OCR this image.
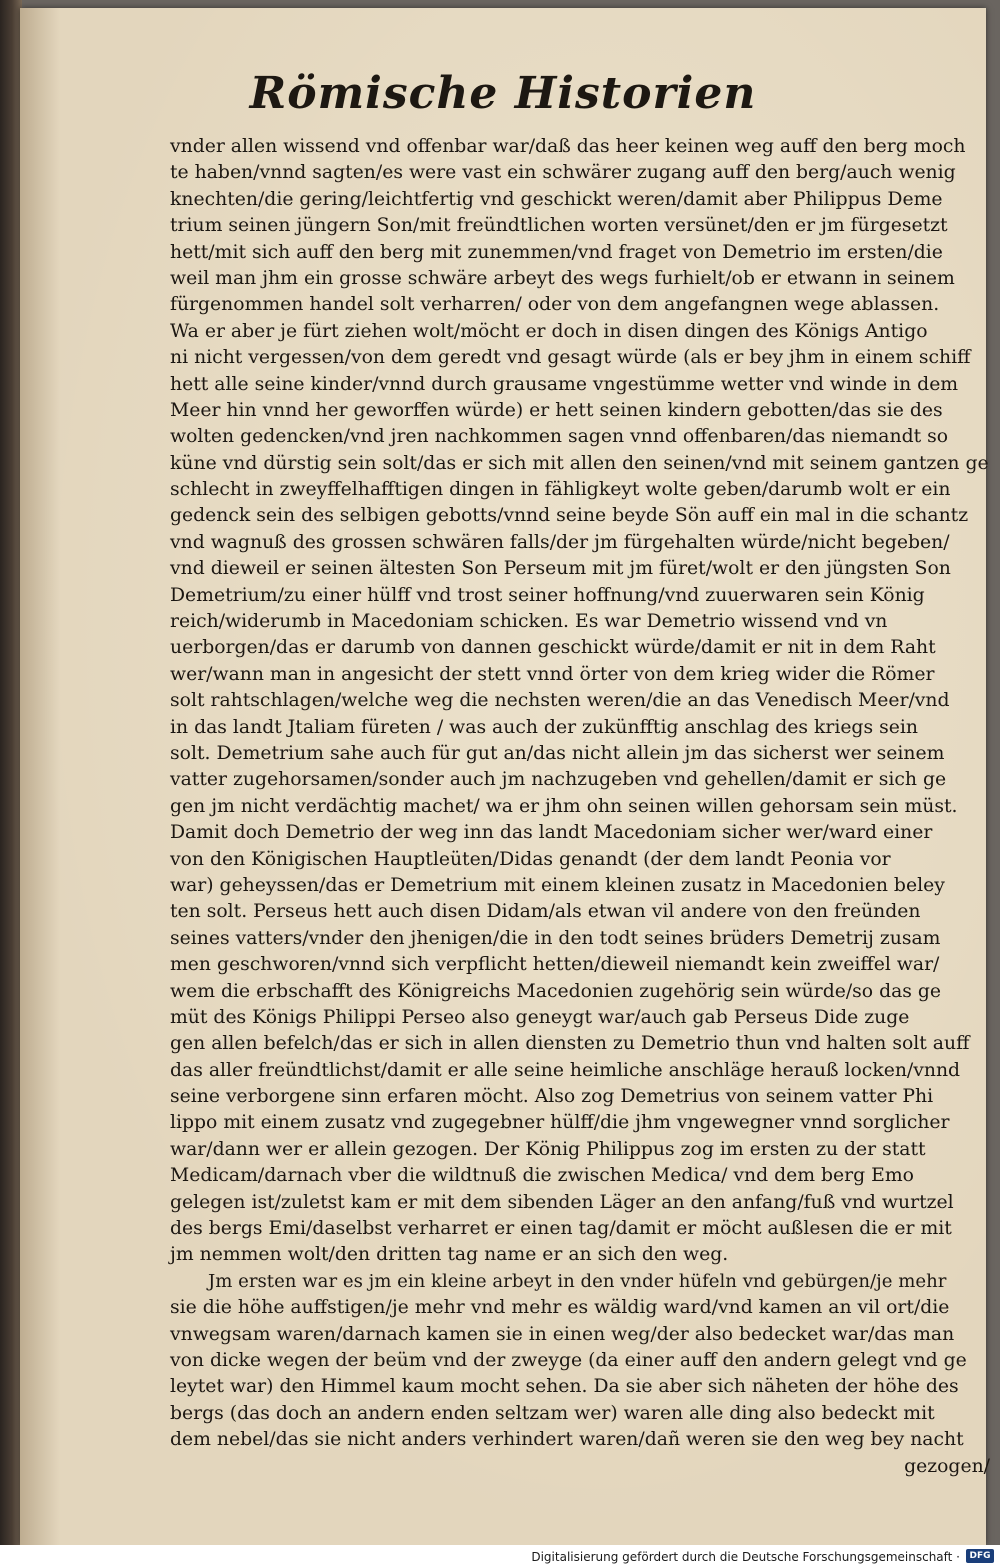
Römische Historien
vnder allen wissend vnd offenbar war/daß das heer keinen weg auff den berg moch
te haben/vnnd sagten/es were vast ein schwärer zugang auff den berg/auch wenig
knechten/die gering/leichtfertig vnd geschickt weren/damit aber Philippus Deme
trium seinen jüngern Son/mit freündtlichen worten versünet/den er jm fürgesetzt
hett/mit sich auff den berg mit zunemmen/vnd fraget von Demetrio im ersten/die
weil man jhm ein grosse schwäre arbeyt des wegs furhielt/ob er etwann in seinem
fürgenommen handel solt verharren/ oder von dem angefangnen wege ablassen.
Wa er aber je fürt ziehen wolt/möcht er doch in disen dingen des Königs Antigo
ni nicht vergessen/von dem geredt vnd gesagt würde (als er bey jhm in einem schiff
hett alle seine kinder/vnnd durch grausame vngestümme wetter vnd winde in dem
Meer hin vnnd her geworffen würde) er hett seinen kindern gebotten/das sie des
wolten gedencken/vnd jren nachkommen sagen vnnd offenbaren/das niemandt so
küne vnd dürstig sein solt/das er sich mit allen den seinen/vnd mit seinem gantzen ge
schlecht in zweyffelhafftigen dingen in fähligkeyt wolte geben/darumb wolt er ein
gedenck sein des selbigen gebotts/vnnd seine beyde Sön auff ein mal in die schantz
vnd wagnuß des grossen schwären falls/der jm fürgehalten würde/nicht begeben/
vnd dieweil er seinen ältesten Son Perseum mit jm füret/wolt er den jüngsten Son
Demetrium/zu einer hülff vnd trost seiner hoffnung/vnd zuuerwaren sein König
reich/widerumb in Macedoniam schicken. Es war Demetrio wissend vnd vn
uerborgen/das er darumb von dannen geschickt würde/damit er nit in dem Raht
wer/wann man in angesicht der stett vnnd örter von dem krieg wider die Römer
solt rahtschlagen/welche weg die nechsten weren/die an das Venedisch Meer/vnd
in das landt Jtaliam füreten / was auch der zukünfftig anschlag des kriegs sein
solt. Demetrium sahe auch für gut an/das nicht allein jm das sicherst wer seinem
vatter zugehorsamen/sonder auch jm nachzugeben vnd gehellen/damit er sich ge
gen jm nicht verdächtig machet/ wa er jhm ohn seinen willen gehorsam sein müst.
Damit doch Demetrio der weg inn das landt Macedoniam sicher wer/ward einer
von den Königischen Hauptleüten/Didas genandt (der dem landt Peonia vor
war) geheyssen/das er Demetrium mit einem kleinen zusatz in Macedonien beley
ten solt. Perseus hett auch disen Didam/als etwan vil andere von den freünden
seines vatters/vnder den jhenigen/die in den todt seines brüders Demetrij zusam
men geschworen/vnnd sich verpflicht hetten/dieweil niemandt kein zweiffel war/
wem die erbschafft des Königreichs Macedonien zugehörig sein würde/so das ge
müt des Königs Philippi Perseo also geneygt war/auch gab Perseus Dide zuge
gen allen befelch/das er sich in allen diensten zu Demetrio thun vnd halten solt auff
das aller freündtlichst/damit er alle seine heimliche anschläge herauß locken/vnnd
seine verborgene sinn erfaren möcht. Also zog Demetrius von seinem vatter Phi
lippo mit einem zusatz vnd zugegebner hülff/die jhm vngewegner vnnd sorglicher
war/dann wer er allein gezogen. Der König Philippus zog im ersten zu der statt
Medicam/darnach vber die wildtnuß die zwischen Medica/ vnd dem berg Emo
gelegen ist/zuletst kam er mit dem sibenden Läger an den anfang/fuß vnd wurtzel
des bergs Emi/daselbst verharret er einen tag/damit er möcht außlesen die er mit
jm nemmen wolt/den dritten tag name er an sich den weg.
Jm ersten war es jm ein kleine arbeyt in den vnder hüfeln vnd gebürgen/je mehr
sie die höhe auffstigen/je mehr vnd mehr es wäldig ward/vnd kamen an vil ort/die
vnwegsam waren/darnach kamen sie in einen weg/der also bedecket war/das man
von dicke wegen der beüm vnd der zweyge (da einer auff den andern gelegt vnd ge
leytet war) den Himmel kaum mocht sehen. Da sie aber sich näheten der höhe des
bergs (das doch an andern enden seltzam wer) waren alle ding also bedeckt mit
dem nebel/das sie nicht anders verhindert waren/dañ weren sie den weg bey nacht
gezogen/
Digitalisierung gefördert durch die Deutsche Forschungsgemeinschaft ·	DFG
